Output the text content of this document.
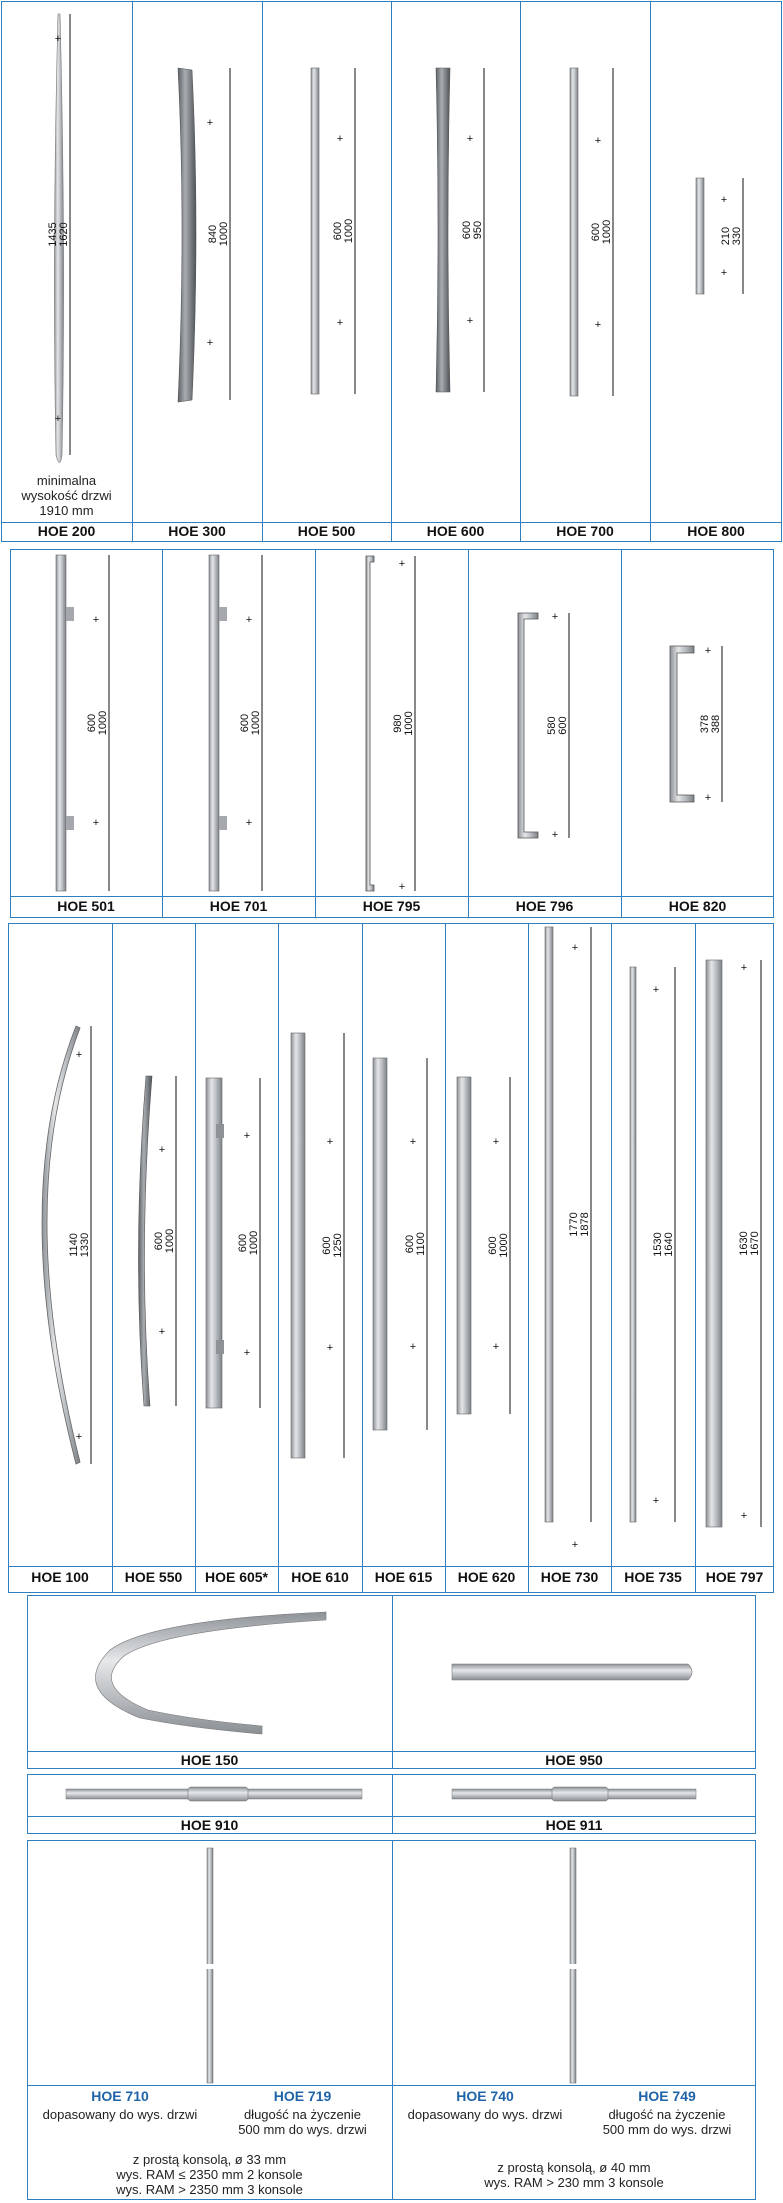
minimalna
wysokość drzwi
1910 mm
HOE 200	HOE 300	HOE 500	HOE 600	HOE 700	HOE 800
HOE 501	HOE 701	HOE 795	HOE 796	HOE 820
HOE 100	HOE 550	HOE 605*	HOE 610	HOE 615	HOE 620	HOE 730	HOE 735	HOE 797
HOE 150	HOE 950
HOE 910	HOE 911
HOE 710	HOE 719
dopasowany do wys. drzwi	długość na życzenie
500 mm do wys. drzwi
z prostą konsolą, ø 33 mm
wys. RAM ≤ 2350 mm 2 konsole
wys. RAM > 2350 mm 3 konsole
HOE 740	HOE 749
dopasowany do wys. drzwi	długość na życzenie
500 mm do wys. drzwi
z prostą konsolą, ø 40 mm
wys. RAM > 230 mm 3 konsole
+
+
1435 1620
+
+
840 1000
+
+
600 1000
+
+
600 950
+
+
600 1000
+
+
210 330
+
+
600 1000
+
+
600 1000
+
+
980 1000
+
+
580 600
+
+
378 388
+
+
1140 1330
+
+
600 1000
+
+
600 1000
+
+
600 1250
+
+
600 1100
+
+
600 1000
+
+
1770 1878
+
+
1530 1640
+
+
1630 1670
